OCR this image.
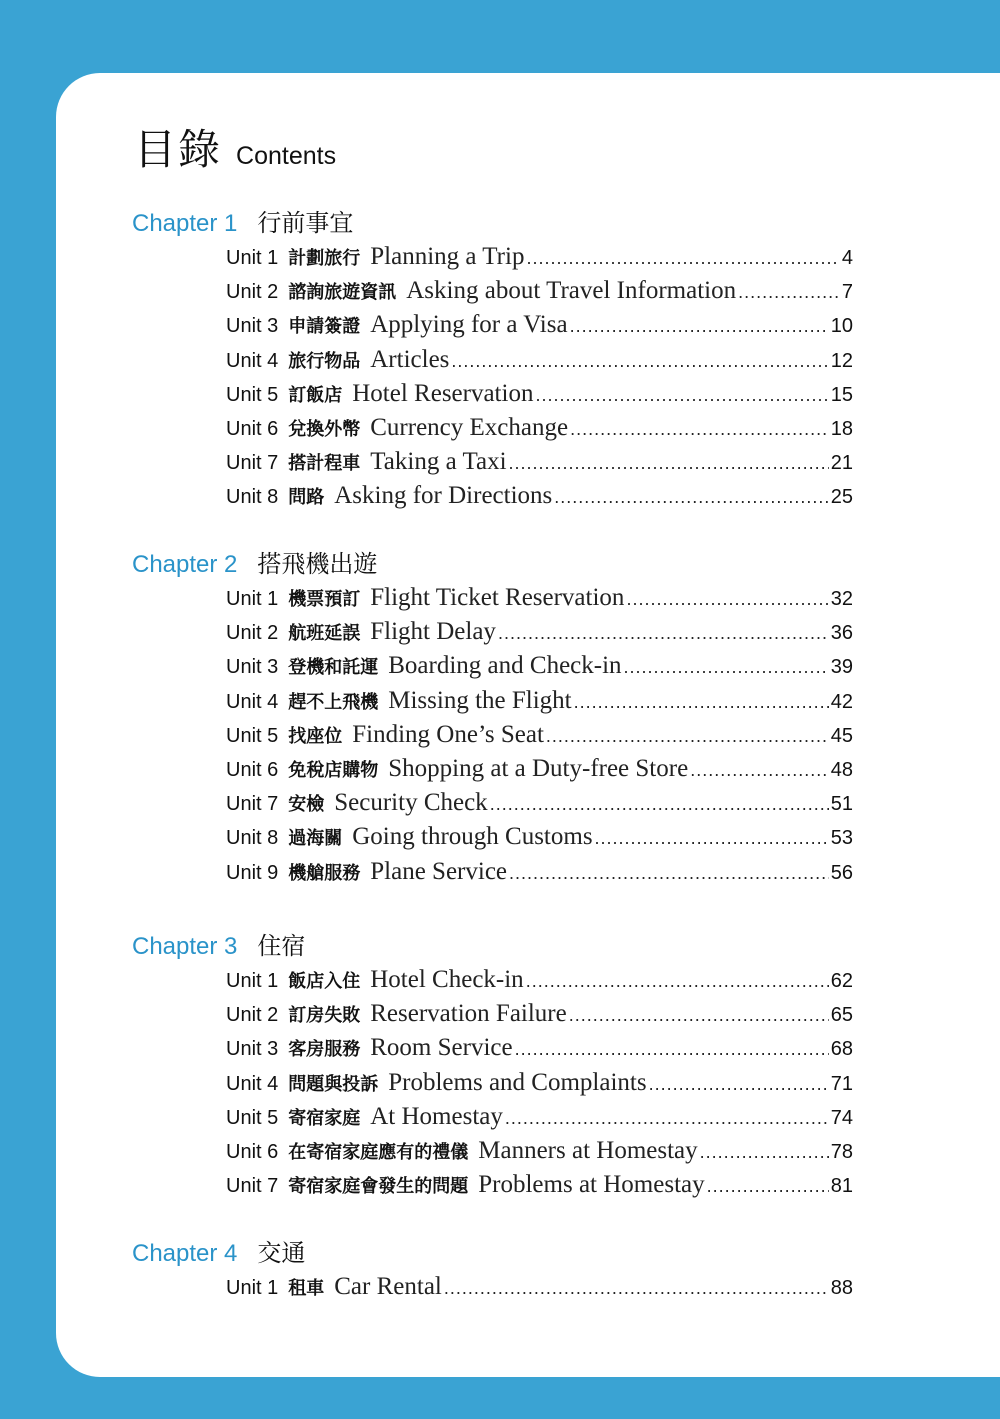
目錄 Contents
Chapter 1 行前事宜
Unit 1 計劃旅行 Planning a Trip .....	4
Unit 2 諮詢旅遊資訊 Asking about Travel Information .....	7
Unit 3 申請簽證 Applying for a Visa .....	10
Unit 4 旅行物品 Articles .....	12
Unit 5 訂飯店 Hotel Reservation .....	15
Unit 6 兌換外幣 Currency Exchange .....	18
Unit 7 搭計程車 Taking a Taxi .....	21
Unit 8 問路 Asking for Directions .....	25
Chapter 2 搭飛機出遊
Unit 1 機票預訂 Flight Ticket Reservation .....	32
Unit 2 航班延誤 Flight Delay .....	36
Unit 3 登機和託運 Boarding and Check-in .....	39
Unit 4 趕不上飛機 Missing the Flight .....	42
Unit 5 找座位 Finding One’s Seat .....	45
Unit 6 免稅店購物 Shopping at a Duty-free Store .....	48
Unit 7 安檢 Security Check .....	51
Unit 8 過海關 Going through Customs .....	53
Unit 9 機艙服務 Plane Service .....	56
Chapter 3 住宿
Unit 1 飯店入住 Hotel Check-in .....	62
Unit 2 訂房失敗 Reservation Failure .....	65
Unit 3 客房服務 Room Service .....	68
Unit 4 問題與投訴 Problems and Complaints .....	71
Unit 5 寄宿家庭 At Homestay .....	74
Unit 6 在寄宿家庭應有的禮儀 Manners at Homestay .....	78
Unit 7 寄宿家庭會發生的問題 Problems at Homestay .....	81
Chapter 4 交通
Unit 1 租車 Car Rental .....	88
